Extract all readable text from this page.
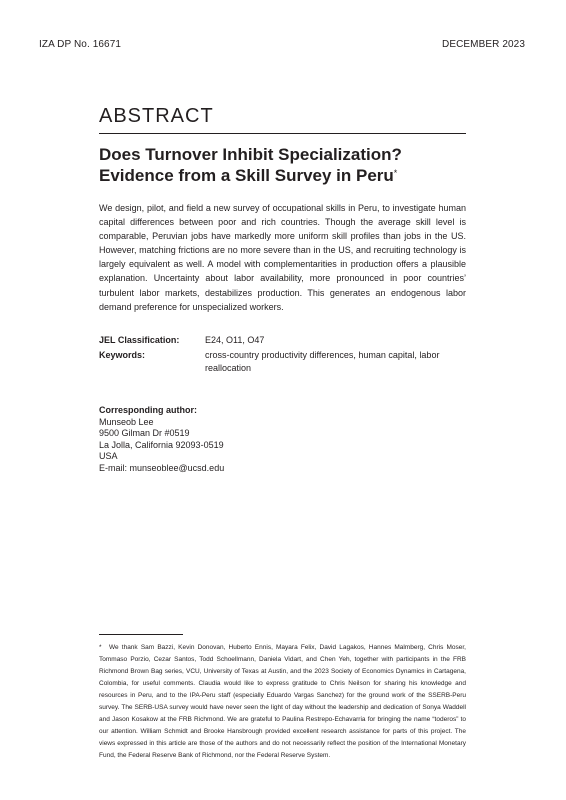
IZA DP No. 16671	DECEMBER 2023
ABSTRACT
Does Turnover Inhibit Specialization?
Evidence from a Skill Survey in Peru*

We design, pilot, and field a new survey of occupational skills in Peru, to investigate human capital differences between poor and rich countries. Though the average skill level is comparable, Peruvian jobs have markedly more uniform skill profiles than jobs in the US. However, matching frictions are no more severe than in the US, and recruiting technology is largely equivalent as well. A model with complementarities in production offers a plausible explanation. Uncertainty about labor availability, more pronounced in poor countries’ turbulent labor markets, destabilizes production. This generates an endogenous labor demand preference for unspecialized workers.

JEL Classification:	E24, O11, O47
Keywords:	cross-country productivity differences, human capital, labor reallocation
Corresponding author:
Munseob Lee
9500 Gilman Dr #0519
La Jolla, California 92093-0519
USA
E-mail: munseoblee@ucsd.edu

* We thank Sam Bazzi, Kevin Donovan, Huberto Ennis, Mayara Felix, David Lagakos, Hannes Malmberg, Chris Moser, Tommaso Porzio, Cezar Santos, Todd Schoellmann, Daniela Vidart, and Chen Yeh, together with participants in the FRB Richmond Brown Bag series, VCU, University of Texas at Austin, and the 2023 Society of Economics Dynamics in Cartagena, Colombia, for useful comments. Claudia would like to express gratitude to Chris Neilson for sharing his knowledge and resources in Peru, and to the IPA-Peru staff (especially Eduardo Vargas Sanchez) for the ground work of the SSERB-Peru survey. The SERB-USA survey would have never seen the light of day without the leadership and dedication of Sonya Waddell and Jason Kosakow at the FRB Richmond. We are grateful to Paulina Restrepo-Echavarria for bringing the name “toderos” to our attention. William Schmidt and Brooke Hansbrough provided excellent research assistance for parts of this project. The views expressed in this article are those of the authors and do not necessarily reflect the position of the International Monetary Fund, the Federal Reserve Bank of Richmond, nor the Federal Reserve System.
